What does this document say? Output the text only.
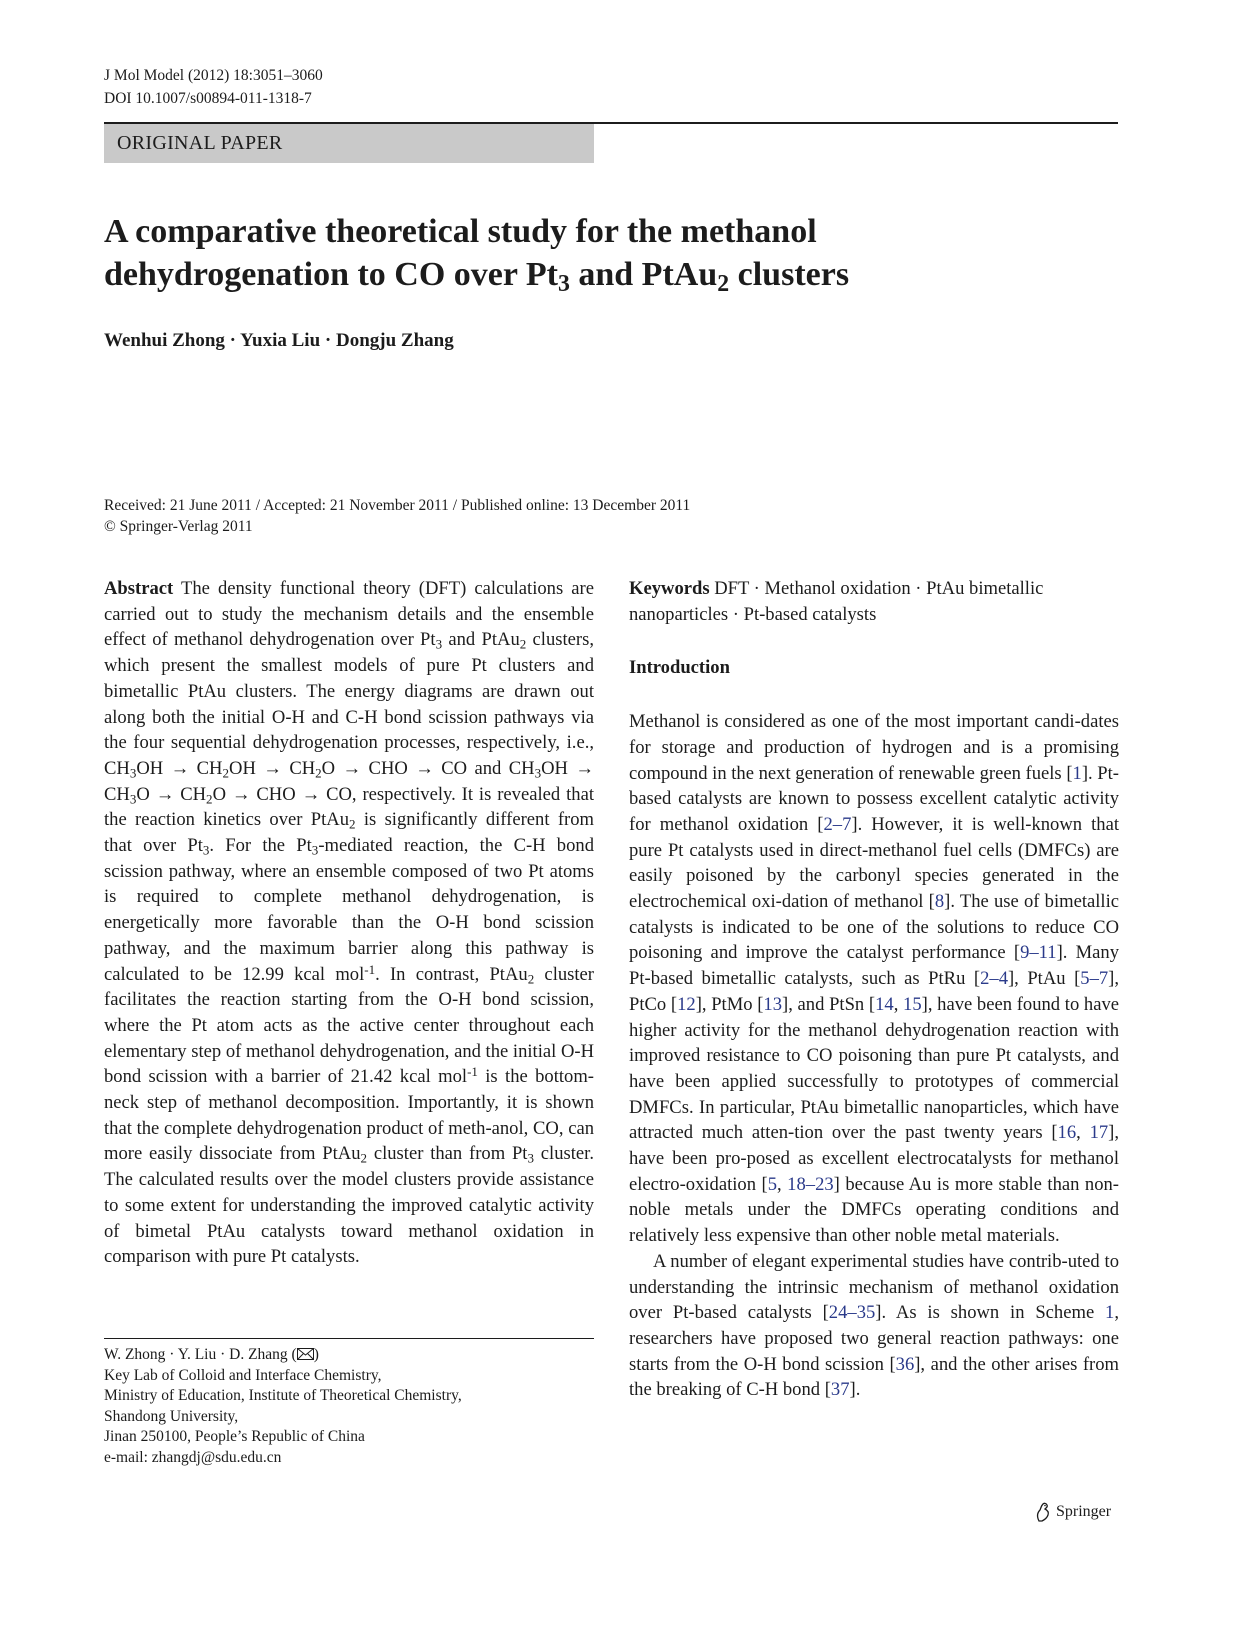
J Mol Model (2012) 18:3051–3060
DOI 10.1007/s00894-011-1318-7
ORIGINAL PAPER
A comparative theoretical study for the methanol
dehydrogenation to CO over $Pt_3$ and PtAu$_2$ clusters
Wenhui Zhong · Yuxia Liu · Dongju Zhang
Received: 21 June 2011 / Accepted: 21 November 2011 / Published online: 13 December 2011
© Springer-Verlag 2011
Abstract The density functional theory (DFT) calculations are carried out to study the mechanism details and the ensemble effect of methanol dehydrogenation over $Pt_3$ and PtAu$_2$ clusters, which present the smallest models of pure Pt clusters and bimetallic PtAu clusters. The energy diagrams are drawn out along both the initial O-H and C-H bond scission pathways via the four sequential dehydrogenation processes, respectively, i.e., $CH_3OH \to CH_2OH \to CH_2O$ → CHO → CO and $CH_3OH \to CH_3O \to CH_2O$ → CHO → CO, respectively. It is revealed that the reaction kinetics over PtAu$_2$ is significantly different from that over $Pt_3$. For the $Pt_3$-mediated reaction, the C-H bond scission pathway, where an ensemble composed of two Pt atoms is required to complete methanol dehydrogenation, is energetically more favorable than the O-H bond scission pathway, and the maximum barrier along this pathway is calculated to be 12.99 kcal mol$^{-1}$. In contrast, PtAu$_2$ cluster facilitates the reaction starting from the O-H bond scission, where the Pt atom acts as the active center throughout each elementary step of methanol dehydrogenation, and the initial O-H bond scission with a barrier of 21.42 kcal mol$^{-1}$ is the bottom-neck step of methanol decomposition. Importantly, it is shown that the complete dehydrogenation product of meth-anol, CO, can more easily dissociate from PtAu$_2$ cluster than from $Pt_3$ cluster. The calculated results over the model clusters provide assistance to some extent for understanding the improved catalytic activity of bimetal PtAu catalysts toward methanol oxidation in comparison with pure Pt catalysts.
W. Zhong · Y. Liu · D. Zhang ( )
Key Lab of Colloid and Interface Chemistry,
Ministry of Education, Institute of Theoretical Chemistry,
Shandong University,
Jinan 250100, People’s Republic of China
e-mail: zhangdj@sdu.edu.cn
Keywords DFT · Methanol oxidation · PtAu bimetallic nanoparticles · Pt-based catalysts
Introduction
Methanol is considered as one of the most important candi-dates for storage and production of hydrogen and is a promising compound in the next generation of renewable green fuels [1]. Pt-based catalysts are known to possess excellent catalytic activity for methanol oxidation [2–7]. However, it is well-known that pure Pt catalysts used in direct-methanol fuel cells (DMFCs) are easily poisoned by the carbonyl species generated in the electrochemical oxi-dation of methanol [8]. The use of bimetallic catalysts is indicated to be one of the solutions to reduce CO poisoning and improve the catalyst performance [9–11]. Many Pt-based bimetallic catalysts, such as PtRu [2–4], PtAu [5–7], PtCo [12], PtMo [13], and PtSn [14, 15], have been found to have higher activity for the methanol dehydrogenation reaction with improved resistance to CO poisoning than pure Pt catalysts, and have been applied successfully to prototypes of commercial DMFCs. In particular, PtAu bimetallic nanoparticles, which have attracted much atten-tion over the past twenty years [16, 17], have been pro-posed as excellent electrocatalysts for methanol electro-oxidation [5, 18–23] because Au is more stable than non-noble metals under the DMFCs operating conditions and relatively less expensive than other noble metal materials.
A number of elegant experimental studies have contrib-uted to understanding the intrinsic mechanism of methanol oxidation over Pt-based catalysts [24–35]. As is shown in Scheme 1, researchers have proposed two general reaction pathways: one starts from the O-H bond scission [36], and the other arises from the breaking of C-H bond [37].
Springer
